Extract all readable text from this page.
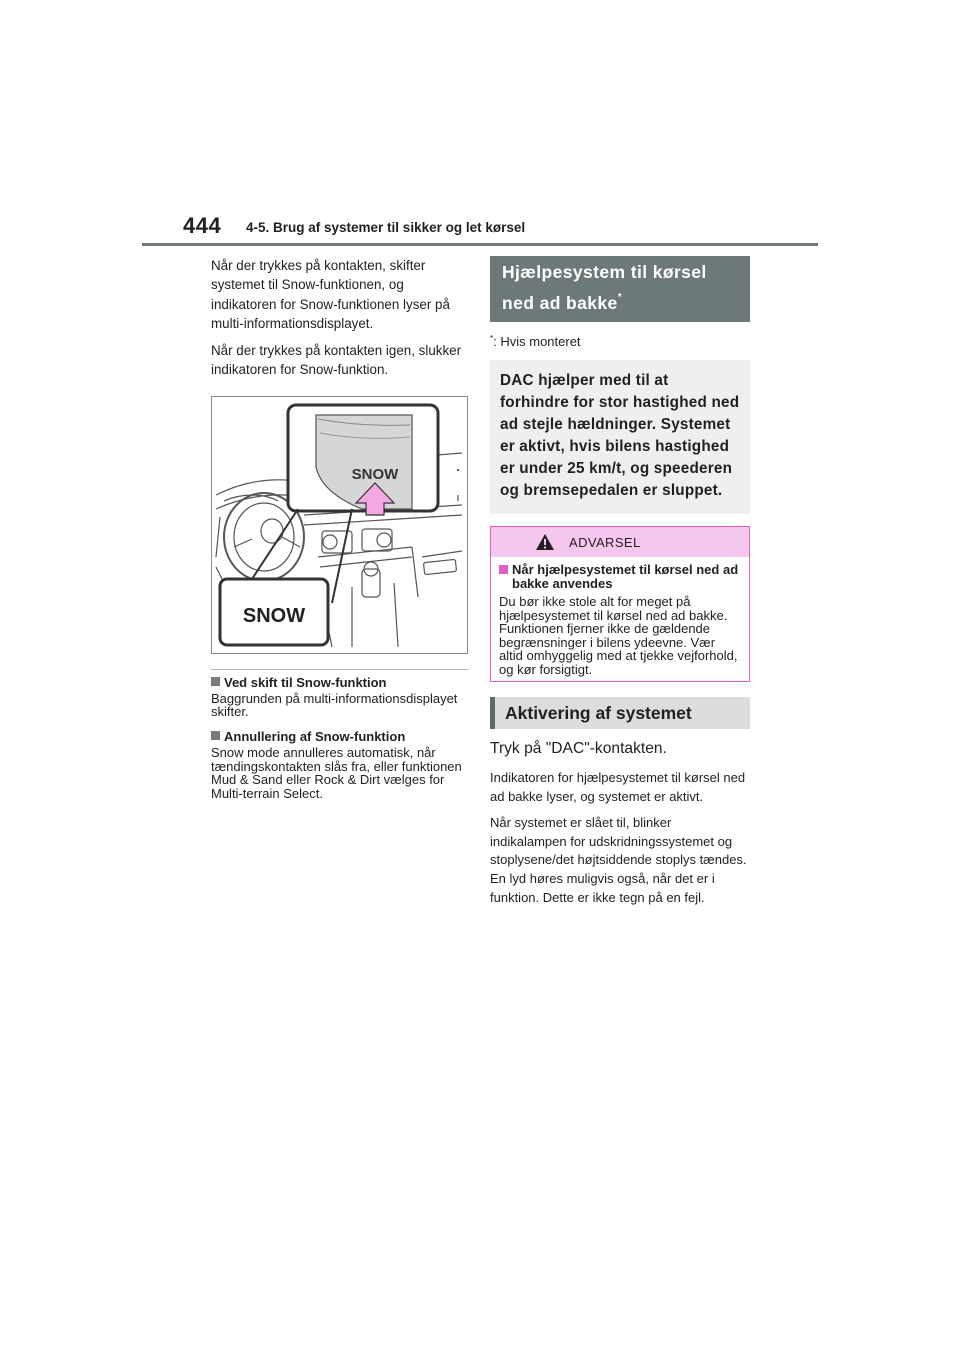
444 4-5. Brug af systemer til sikker og let kørsel

Når der trykkes på kontakten, skifter systemet til Snow-funktionen, og indikatoren for Snow-funktionen lyser på multi-informationsdisplayet.

Når der trykkes på kontakten igen, slukker indikatoren for Snow-funktion.

SNOW
SNOW
Ved skift til Snow-funktion

Baggrunden på multi-informationsdisplayet skifter.

Annullering af Snow-funktion

Snow mode annulleres automatisk, når tændingskontakten slås fra, eller funktionen Mud & Sand eller Rock & Dirt vælges for Multi-terrain Select.

Hjælpesystem til kørsel
ned ad bakke*

*: Hvis monteret

DAC hjælper med til at forhindre for stor hastighed ned ad stejle hældninger. Systemet er aktivt, hvis bilens hastighed er under 25 km/t, og speederen og bremsepedalen er sluppet.
ADVARSEL
Når hjælpesystemet til kørsel ned ad bakke anvendes

Du bør ikke stole alt for meget på hjælpesystemet til kørsel ned ad bakke. Funktionen fjerner ikke de gældende begrænsninger i bilens ydeevne. Vær altid omhyggelig med at tjekke vejforhold, og kør forsigtigt.

Aktivering af systemet

Tryk på "DAC"-kontakten.

Indikatoren for hjælpesystemet til kørsel ned ad bakke lyser, og systemet er aktivt.

Når systemet er slået til, blinker indikalampen for udskridningssystemet og stoplysene/det højtsiddende stoplys tændes. En lyd høres muligvis også, når det er i funktion. Dette er ikke tegn på en fejl.
